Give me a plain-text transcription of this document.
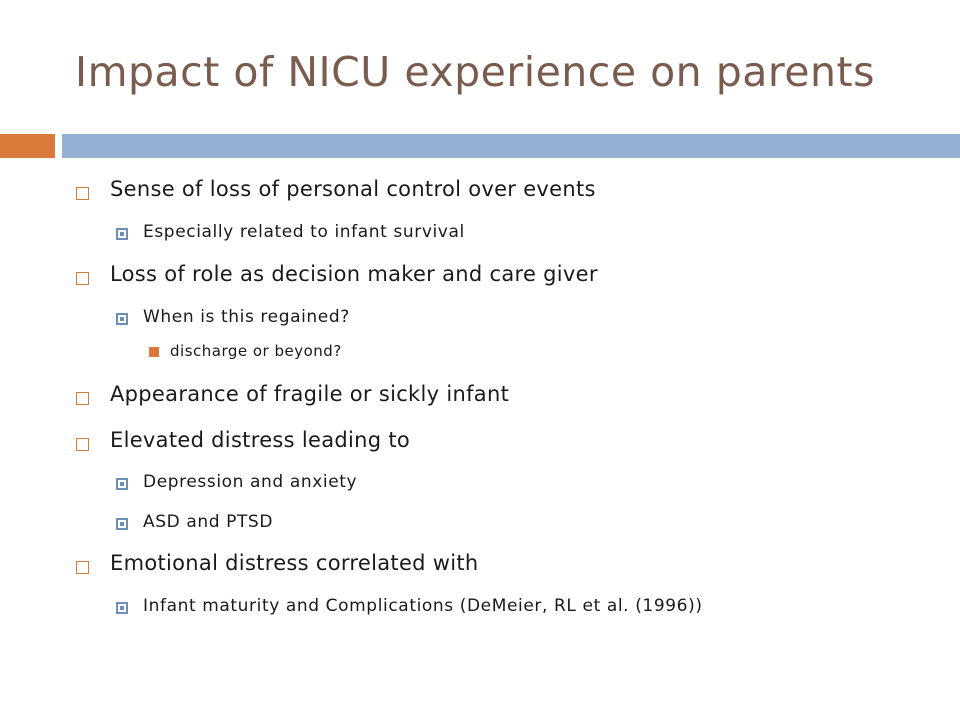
Impact of NICU experience on parents
Sense of loss of personal control over events
Especially related to infant survival
Loss of role as decision maker and care giver
When is this regained?
discharge or beyond?
Appearance of fragile or sickly infant
Elevated distress leading to
Depression and anxiety
ASD and PTSD
Emotional distress correlated with
Infant maturity and Complications (DeMeier, RL et al. (1996))
